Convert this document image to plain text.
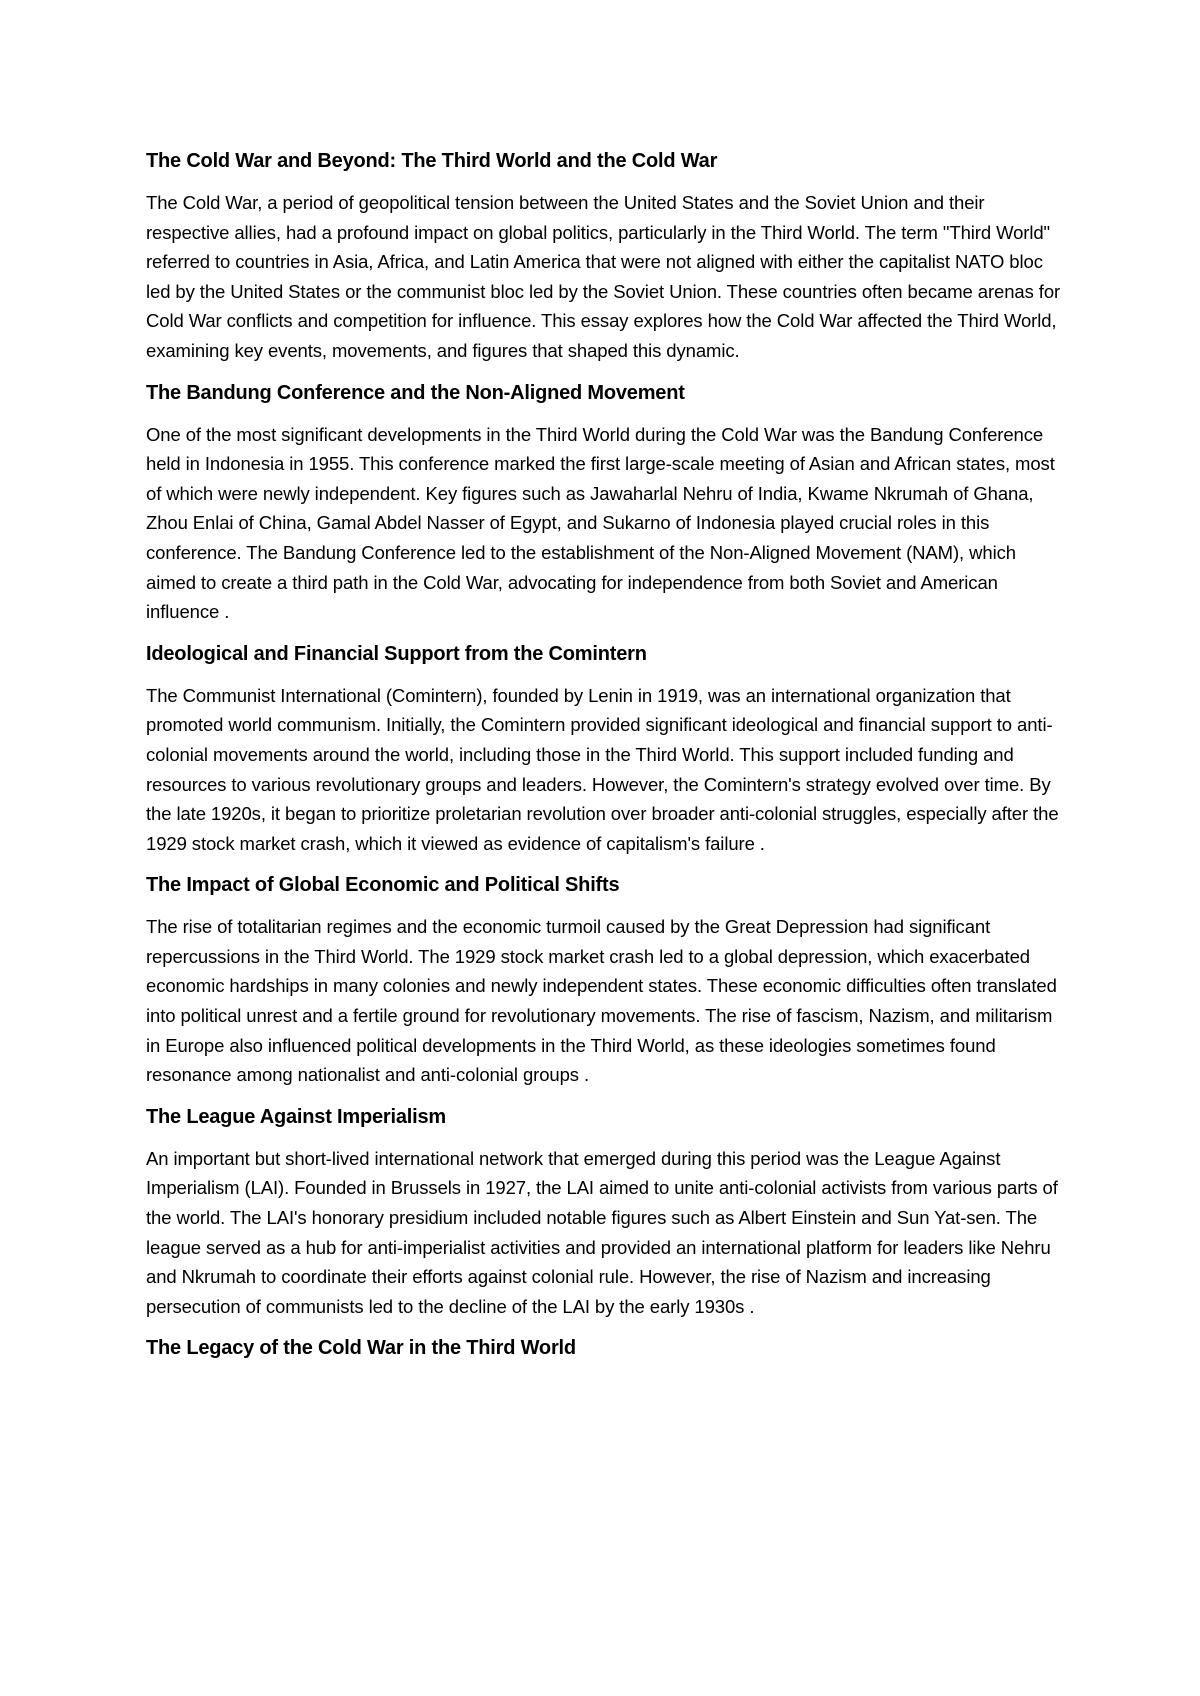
The Cold War and Beyond: The Third World and the Cold War

The Cold War, a period of geopolitical tension between the United States and the Soviet Union and their respective allies, had a profound impact on global politics, particularly in the Third World. The term "Third World" referred to countries in Asia, Africa, and Latin America that were not aligned with either the capitalist NATO bloc led by the United States or the communist bloc led by the Soviet Union. These countries often became arenas for Cold War conflicts and competition for influence. This essay explores how the Cold War affected the Third World, examining key events, movements, and figures that shaped this dynamic.

The Bandung Conference and the Non-Aligned Movement

One of the most significant developments in the Third World during the Cold War was the Bandung Conference held in Indonesia in 1955. This conference marked the first large-scale meeting of Asian and African states, most of which were newly independent. Key figures such as Jawaharlal Nehru of India, Kwame Nkrumah of Ghana, Zhou Enlai of China, Gamal Abdel Nasser of Egypt, and Sukarno of Indonesia played crucial roles in this conference. The Bandung Conference led to the establishment of the Non-Aligned Movement (NAM), which aimed to create a third path in the Cold War, advocating for independence from both Soviet and American influence .

Ideological and Financial Support from the Comintern

The Communist International (Comintern), founded by Lenin in 1919, was an international organization that promoted world communism. Initially, the Comintern provided significant ideological and financial support to anti-colonial movements around the world, including those in the Third World. This support included funding and resources to various revolutionary groups and leaders. However, the Comintern's strategy evolved over time. By the late 1920s, it began to prioritize proletarian revolution over broader anti-colonial struggles, especially after the 1929 stock market crash, which it viewed as evidence of capitalism's failure .

The Impact of Global Economic and Political Shifts

The rise of totalitarian regimes and the economic turmoil caused by the Great Depression had significant repercussions in the Third World. The 1929 stock market crash led to a global depression, which exacerbated economic hardships in many colonies and newly independent states. These economic difficulties often translated into political unrest and a fertile ground for revolutionary movements. The rise of fascism, Nazism, and militarism in Europe also influenced political developments in the Third World, as these ideologies sometimes found resonance among nationalist and anti-colonial groups .

The League Against Imperialism

An important but short-lived international network that emerged during this period was the League Against Imperialism (LAI). Founded in Brussels in 1927, the LAI aimed to unite anti-colonial activists from various parts of the world. The LAI's honorary presidium included notable figures such as Albert Einstein and Sun Yat-sen. The league served as a hub for anti-imperialist activities and provided an international platform for leaders like Nehru and Nkrumah to coordinate their efforts against colonial rule. However, the rise of Nazism and increasing persecution of communists led to the decline of the LAI by the early 1930s .

The Legacy of the Cold War in the Third World
